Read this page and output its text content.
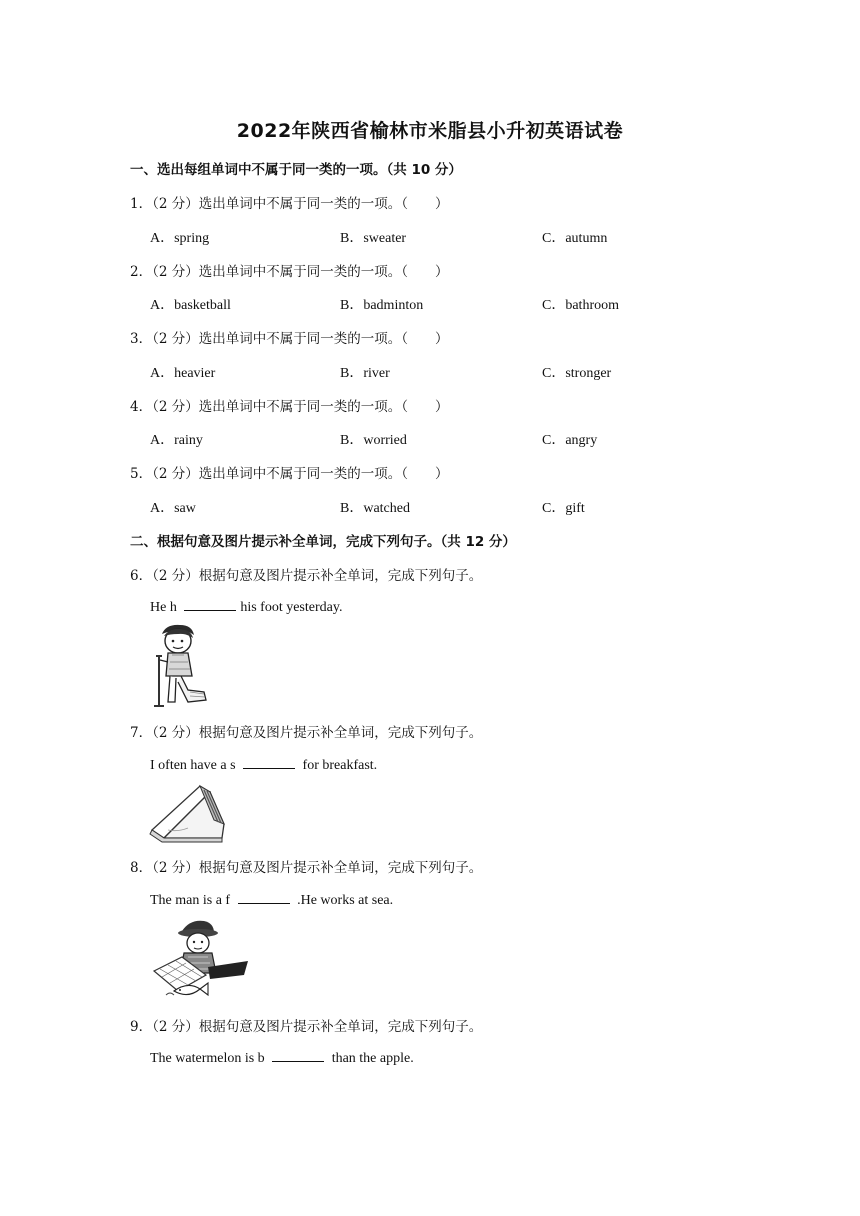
2022年陕西省榆林市米脂县小升初英语试卷
一、选出每组单词中不属于同一类的一项。（共 10 分）
1．（2 分）选出单词中不属于同一类的一项。（　　）
A．spring	B．sweater	C．autumn
2．（2 分）选出单词中不属于同一类的一项。（　　）
A．basketball	B．badminton	C．bathroom
3．（2 分）选出单词中不属于同一类的一项。（　　）
A．heavier	B．river	C．stronger
4．（2 分）选出单词中不属于同一类的一项。（　　）
A．rainy	B．worried	C．angry
5．（2 分）选出单词中不属于同一类的一项。（　　）
A．saw	B．watched	C．gift
二、根据句意及图片提示补全单词，完成下列句子。（共 12 分）
6．（2 分）根据句意及图片提示补全单词，完成下列句子。
He h	his foot yesterday.
7．（2 分）根据句意及图片提示补全单词，完成下列句子。
I often have a s	for breakfast.
8．（2 分）根据句意及图片提示补全单词，完成下列句子。
The man is a f	.He works at sea.
9．（2 分）根据句意及图片提示补全单词，完成下列句子。
The watermelon is b	than the apple.
